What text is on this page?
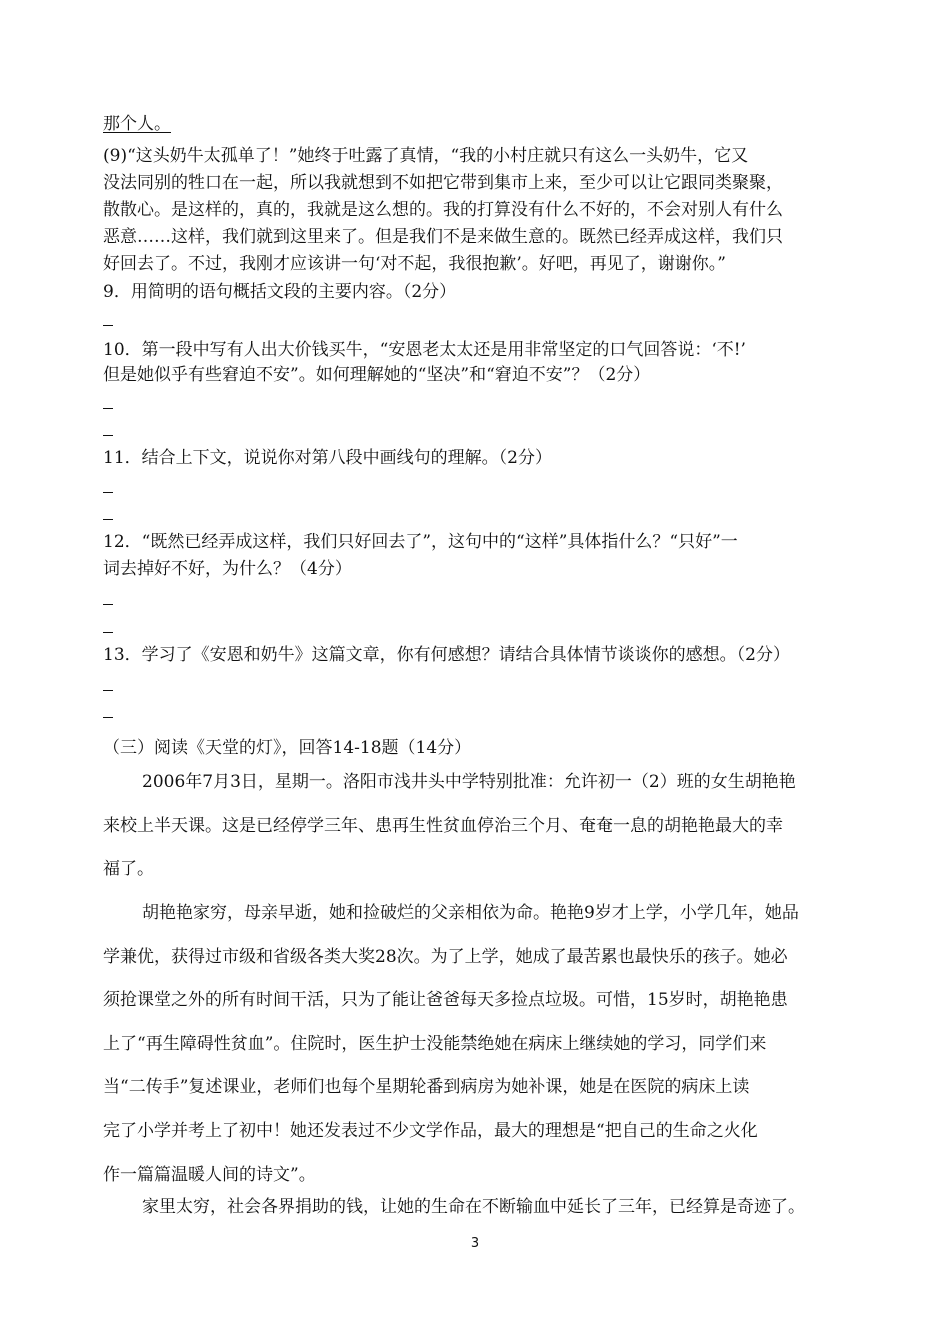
那个人。
(9)“这头奶牛太孤单了！”她终于吐露了真情，“我的小村庄就只有这么一头奶牛，它又
没法同别的牲口在一起，所以我就想到不如把它带到集市上来，至少可以让它跟同类聚聚，
散散心。是这样的，真的，我就是这么想的。我的打算没有什么不好的，不会对别人有什么
恶意……这样，我们就到这里来了。但是我们不是来做生意的。既然已经弄成这样，我们只
好回去了。不过，我刚才应该讲一句‘对不起，我很抱歉’。好吧，再见了，谢谢你。”
9．用简明的语句概括文段的主要内容。（2分）
10．第一段中写有人出大价钱买牛，“安恩老太太还是用非常坚定的口气回答说：‘不!’
但是她似乎有些窘迫不安”。如何理解她的“坚决”和“窘迫不安”？（2分）
11．结合上下文，说说你对第八段中画线句的理解。（2分）
12．“既然已经弄成这样，我们只好回去了”，这句中的“这样”具体指什么？“只好”一
词去掉好不好，为什么？（4分）
13．学习了《安恩和奶牛》这篇文章，你有何感想？请结合具体情节谈谈你的感想。（2分）
（三）阅读《天堂的灯》，回答14-18题（14分）
2006年7月3日，星期一。洛阳市浅井头中学特别批准：允许初一（2）班的女生胡艳艳
来校上半天课。这是已经停学三年、患再生性贫血停治三个月、奄奄一息的胡艳艳最大的幸
福了。
胡艳艳家穷，母亲早逝，她和捡破烂的父亲相依为命。艳艳9岁才上学，小学几年，她品
学兼优，获得过市级和省级各类大奖28次。为了上学，她成了最苦累也最快乐的孩子。她必
须抢课堂之外的所有时间干活，只为了能让爸爸每天多捡点垃圾。可惜，15岁时，胡艳艳患
上了“再生障碍性贫血”。住院时，医生护士没能禁绝她在病床上继续她的学习，同学们来
当“二传手”复述课业，老师们也每个星期轮番到病房为她补课，她是在医院的病床上读
完了小学并考上了初中！她还发表过不少文学作品，最大的理想是“把自己的生命之火化
作一篇篇温暖人间的诗文”。
家里太穷，社会各界捐助的钱，让她的生命在不断输血中延长了三年，已经算是奇迹了。
3
